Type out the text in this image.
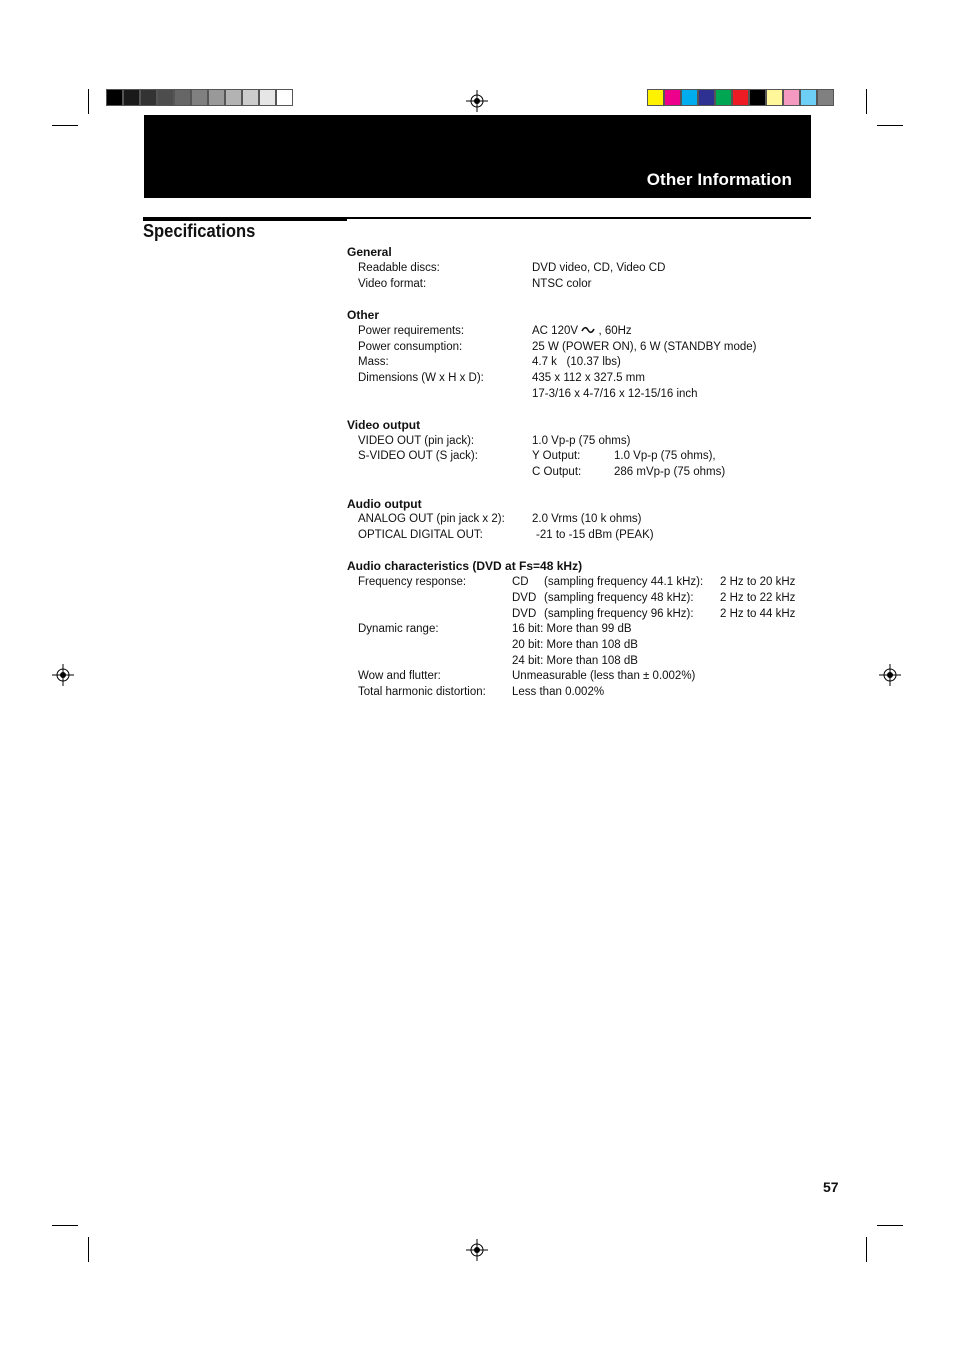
Other Information
Specifications
General
Readable discs:	DVD video, CD, Video CD
Video format:	NTSC color
Other
Power requirements:	AC 120V , 60Hz
Power consumption:	25 W (POWER ON), 6 W (STANDBY mode)
Mass:	4.7 k   (10.37 lbs)
Dimensions (W x H x D):	435 x 112 x 327.5 mm
17-3/16 x 4-7/16 x 12-15/16 inch
Video output
VIDEO OUT (pin jack):	1.0 Vp-p (75 ohms)
S-VIDEO OUT (S jack):	Y Output:	1.0 Vp-p (75 ohms),
C Output:	286 mVp-p (75 ohms)
Audio output
ANALOG OUT (pin jack x 2): 2.0 Vrms (10 k ohms)
OPTICAL DIGITAL OUT:	-21 to -15 dBm (PEAK)
Audio characteristics (DVD at Fs=48 kHz)
Frequency response:	CD (sampling frequency 44.1 kHz): 2 Hz to 20 kHz
DVD (sampling frequency 48 kHz): 2 Hz to 22 kHz
DVD (sampling frequency 96 kHz): 2 Hz to 44 kHz
Dynamic range:	16 bit: More than 99 dB
20 bit: More than 108 dB
24 bit: More than 108 dB
Wow and flutter:	Unmeasurable (less than ± 0.002%)
Total harmonic distortion: Less than 0.002%
57
